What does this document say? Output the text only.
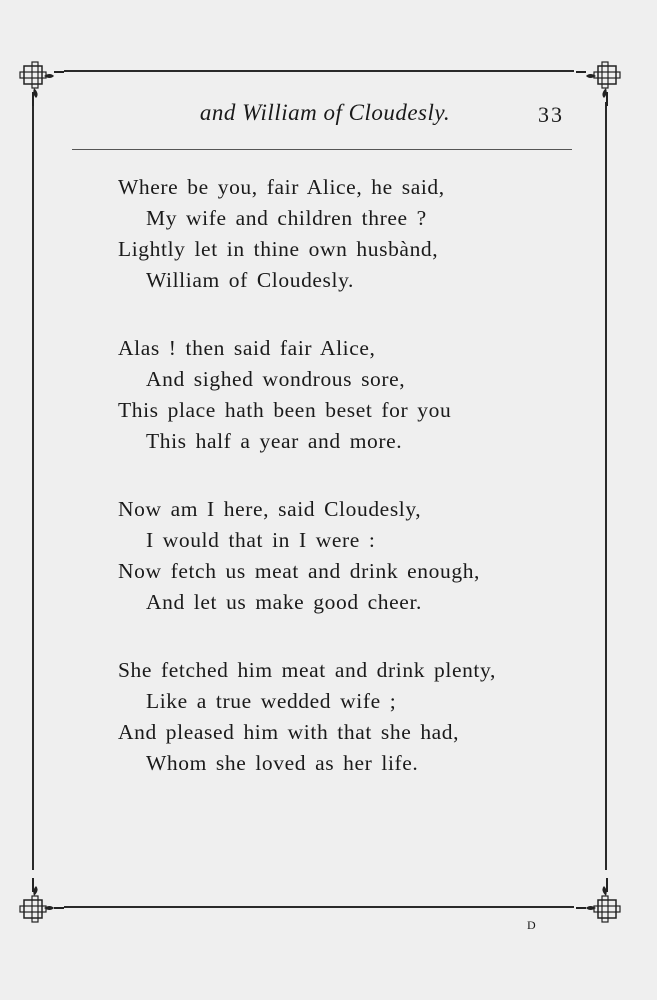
and William of Cloudesly.	33
Where be you, fair Alice, he said,
My wife and children three ?
Lightly let in thine own husbànd,
William of Cloudesly.
Alas ! then said fair Alice,
And sighed wondrous sore,
This place hath been beset for you
This half a year and more.
Now am I here, said Cloudesly,
I would that in I were :
Now fetch us meat and drink enough,
And let us make good cheer.
She fetched him meat and drink plenty,
Like a true wedded wife ;
And pleased him with that she had,
Whom she loved as her life.
D
